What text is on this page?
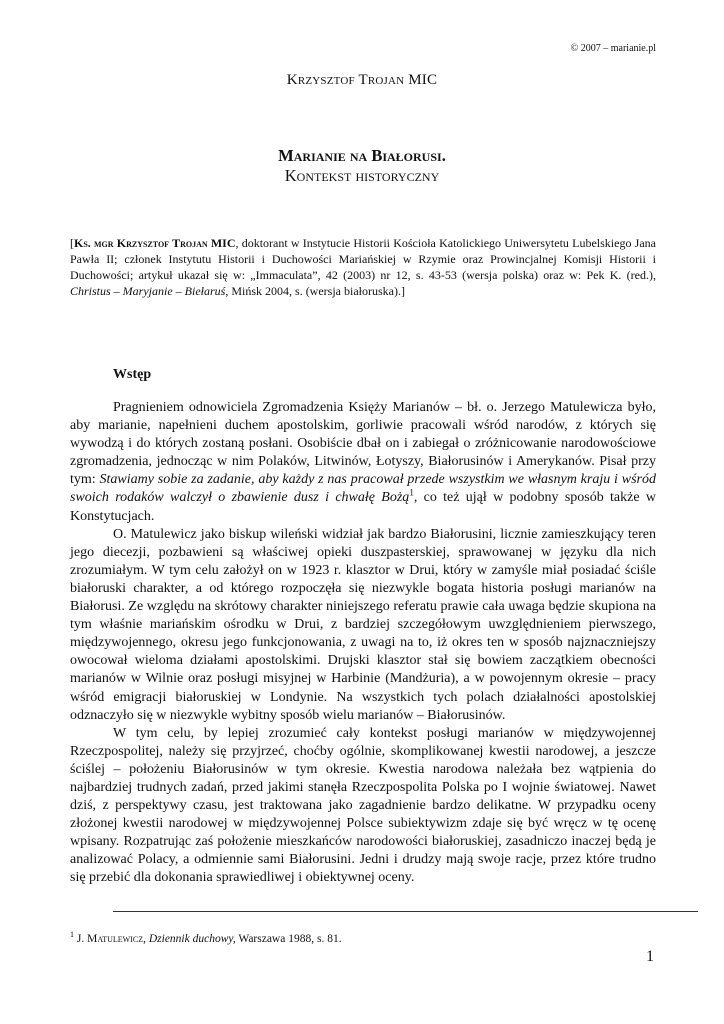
© 2007 – marianie.pl
Krzysztof Trojan MIC
Marianie na Białorusi.
Kontekst historyczny
[Ks. mgr Krzysztof Trojan MIC, doktorant w Instytucie Historii Kościoła Katolickiego Uniwersytetu Lubelskiego Jana Pawła II; członek Instytutu Historii i Duchowości Mariańskiej w Rzymie oraz Prowincjalnej Komisji Historii i Duchowości; artykuł ukazał się w: „Immaculata”, 42 (2003) nr 12, s. 43-53 (wersja polska) oraz w: Pek K. (red.), Christus – Maryjanie – Biełaruś, Mińsk 2004, s. (wersja białoruska).]
Wstęp

Pragnieniem odnowiciela Zgromadzenia Księży Marianów – bł. o. Jerzego Matulewicza było, aby marianie, napełnieni duchem apostolskim, gorliwie pracowali wśród narodów, z których się wywodzą i do których zostaną posłani. Osobiście dbał on i zabiegał o zróżnicowanie narodowościowe zgromadzenia, jednocząc w nim Polaków, Litwinów, Łotyszy, Białorusinów i Amerykanów. Pisał przy tym: Stawiamy sobie za zadanie, aby każdy z nas pracował przede wszystkim we własnym kraju i wśród swoich rodaków walczył o zbawienie dusz i chwałę Bożą$^1$, co też ujął w podobny sposób także w Konstytucjach.

O. Matulewicz jako biskup wileński widział jak bardzo Białorusini, licznie zamieszkujący teren jego diecezji, pozbawieni są właściwej opieki duszpasterskiej, sprawowanej w języku dla nich zrozumiałym. W tym celu założył on w 1923 r. klasztor w Drui, który w zamyśle miał posiadać ściśle białoruski charakter, a od którego rozpoczęła się niezwykle bogata historia posługi marianów na Białorusi. Ze względu na skrótowy charakter niniejszego referatu prawie cała uwaga będzie skupiona na tym właśnie mariańskim ośrodku w Drui, z bardziej szczegółowym uwzględnieniem pierwszego, międzywojennego, okresu jego funkcjonowania, z uwagi na to, iż okres ten w sposób najznaczniejszy owocował wieloma działami apostolskimi. Drujski klasztor stał się bowiem zaczątkiem obecności marianów w Wilnie oraz posługi misyjnej w Harbinie (Mandżuria), a w powojennym okresie – pracy wśród emigracji białoruskiej w Londynie. Na wszystkich tych polach działalności apostolskiej odznaczyło się w niezwykle wybitny sposób wielu marianów – Białorusinów.

W tym celu, by lepiej zrozumieć cały kontekst posługi marianów w międzywojennej Rzeczpospolitej, należy się przyjrzeć, choćby ogólnie, skomplikowanej kwestii narodowej, a jeszcze ściślej – położeniu Białorusinów w tym okresie. Kwestia narodowa należała bez wątpienia do najbardziej trudnych zadań, przed jakimi stanęła Rzeczpospolita Polska po I wojnie światowej. Nawet dziś, z perspektywy czasu, jest traktowana jako zagadnienie bardzo delikatne. W przypadku oceny złożonej kwestii narodowej w międzywojennej Polsce subiektywizm zdaje się być wręcz w tę ocenę wpisany. Rozpatrując zaś położenie mieszkańców narodowości białoruskiej, zasadniczo inaczej będą je analizować Polacy, a odmiennie sami Białorusini. Jedni i drudzy mają swoje racje, przez które trudno się przebić dla dokonania sprawiedliwej i obiektywnej oceny.

$^1$ J. Matulewicz, Dziennik duchowy, Warszawa 1988, s. 81.
1
